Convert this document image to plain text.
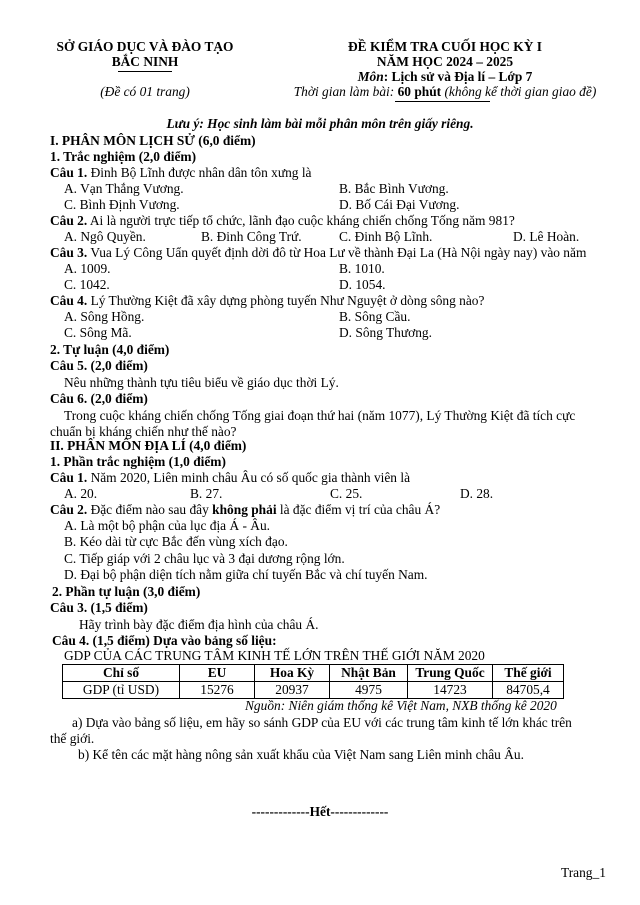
SỞ GIÁO DỤC VÀ ĐÀO TẠO
BẮC NINH
(Đề có 01 trang)
ĐỀ KIỂM TRA CUỐI HỌC KỲ I
NĂM HỌC 2024 – 2025
Môn: Lịch sử và Địa lí – Lớp 7
Thời gian làm bài: 60 phút (không kể thời gian giao đề)
Lưu ý: Học sinh làm bài mỗi phân môn trên giấy riêng.
I. PHÂN MÔN LỊCH SỬ (6,0 điểm)
1. Trắc nghiệm (2,0 điểm)
Câu 1. Đinh Bộ Lĩnh được nhân dân tôn xưng là
A. Vạn Thắng Vương.	B. Bắc Bình Vương.
C. Bình Định Vương.	D. Bố Cái Đại Vương.
Câu 2. Ai là người trực tiếp tổ chức, lãnh đạo cuộc kháng chiến chống Tống năm 981?
A. Ngô Quyền.	B. Đinh Công Trứ.	C. Đinh Bộ Lĩnh.	D. Lê Hoàn.
Câu 3. Vua Lý Công Uẩn quyết định dời đô từ Hoa Lư về thành Đại La (Hà Nội ngày nay) vào năm
A. 1009.	B. 1010.
C. 1042.	D. 1054.
Câu 4. Lý Thường Kiệt đã xây dựng phòng tuyến Như Nguyệt ở dòng sông nào?
A. Sông Hồng.	B. Sông Cầu.
C. Sông Mã.	D. Sông Thương.
2. Tự luận (4,0 điểm)
Câu 5. (2,0 điểm)
Nêu những thành tựu tiêu biểu về giáo dục thời Lý.
Câu 6. (2,0 điểm)
Trong cuộc kháng chiến chống Tống giai đoạn thứ hai (năm 1077), Lý Thường Kiệt đã tích cực
chuẩn bị kháng chiến như thế nào?
II. PHÂN MÔN ĐỊA LÍ (4,0 điểm)
1. Phần trắc nghiệm (1,0 điểm)
Câu 1. Năm 2020, Liên minh châu Âu có số quốc gia thành viên là
A. 20.	B. 27.	C. 25.	D. 28.
Câu 2. Đặc điểm nào sau đây không phải là đặc điểm vị trí của châu Á?
A. Là một bộ phận của lục địa Á - Âu.
B. Kéo dài từ cực Bắc đến vùng xích đạo.
C. Tiếp giáp với 2 châu lục và 3 đại dương rộng lớn.
D. Đại bộ phận diện tích nằm giữa chí tuyến Bắc và chí tuyến Nam.
2. Phần tự luận (3,0 điểm)
Câu 3. (1,5 điểm)
Hãy trình bày đặc điểm địa hình của châu Á.
Câu 4. (1,5 điểm) Dựa vào bảng số liệu:
GDP CỦA CÁC TRUNG TÂM KINH TẾ LỚN TRÊN THẾ GIỚI NĂM 2020
Chỉ số	EU	Hoa Kỳ	Nhật Bản	Trung Quốc	Thế giới
GDP (tỉ USD)	15276	20937	4975	14723	84705,4
Nguồn: Niên giám thống kê Việt Nam, NXB thống kê 2020
a) Dựa vào bảng số liệu, em hãy so sánh GDP của EU với các trung tâm kinh tế lớn khác trên
thế giới.
b) Kể tên các mặt hàng nông sản xuất khẩu của Việt Nam sang Liên minh châu Âu.
-------------Hết-------------
Trang_1
